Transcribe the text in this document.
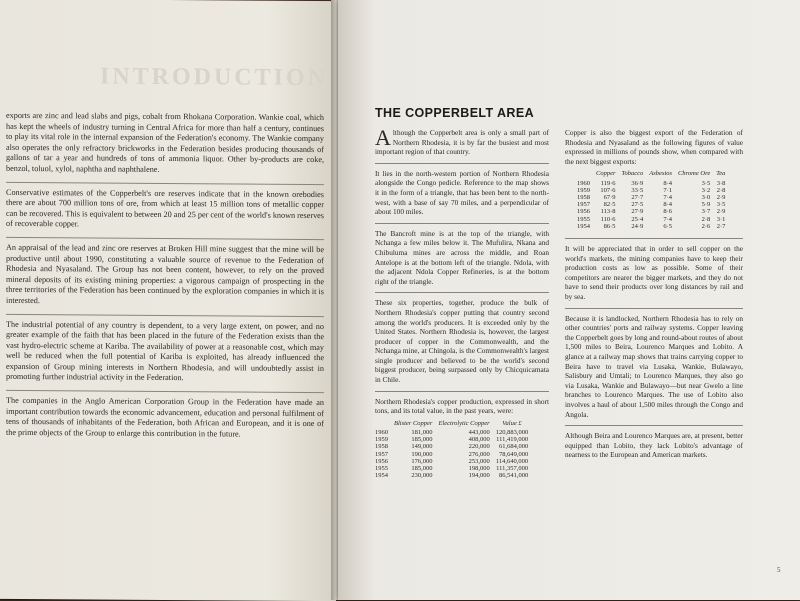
INTRODUCTION

exports are zinc and lead slabs and pigs, cobalt from Rhokana Corporation. Wankie coal, which has kept the wheels of industry turning in Central Africa for more than half a century, continues to play its vital role in the internal expansion of the Federation's economy. The Wankie company also operates the only refractory brickworks in the Federation besides producing thousands of gallons of tar a year and hundreds of tons of ammonia liquor. Other by-products are coke, benzol, toluol, xylol, naphtha and naphthalene.

Conservative estimates of the Copperbelt's ore reserves indicate that in the known orebodies there are about 700 million tons of ore, from which at least 15 million tons of metallic copper can be recovered. This is equivalent to between 20 and 25 per cent of the world's known reserves of recoverable copper.

An appraisal of the lead and zinc ore reserves at Broken Hill mine suggest that the mine will be productive until about 1990, constituting a valuable source of revenue to the Federation of Rhodesia and Nyasaland. The Group has not been content, however, to rely on the proved mineral deposits of its existing mining properties: a vigorous campaign of prospecting in the three territories of the Federation has been continued by the exploration companies in which it is interested.

The industrial potential of any country is dependent, to a very large extent, on power, and no greater example of the faith that has been placed in the future of the Federation exists than the vast hydro-electric scheme at Kariba. The availability of power at a reasonable cost, which may well be reduced when the full potential of Kariba is exploited, has already influenced the expansion of Group mining interests in Northern Rhodesia, and will undoubtedly assist in promoting further industrial activity in the Federation.

The companies in the Anglo American Corporation Group in the Federation have made an important contribution towards the economic advancement, education and personal fulfilment of tens of thousands of inhabitants of the Federation, both African and European, and it is one of the prime objects of the Group to enlarge this contribution in the future.

THE COPPERBELT AREA

Although the Copperbelt area is only a small part of Northern Rhodesia, it is by far the busiest and most important region of that country.

It lies in the north-western portion of Northern Rhodesia alongside the Congo pedicle. Reference to the map shows it in the form of a triangle, that has been bent to the north-west, with a base of say 70 miles, and a perpendicular of about 100 miles.

The Bancroft mine is at the top of the triangle, with Nchanga a few miles below it. The Mufulira, Nkana and Chibuluma mines are across the middle, and Roan Antelope is at the bottom left of the triangle. Ndola, with the adjacent Ndola Copper Refineries, is at the bottom right of the triangle.

These six properties, together, produce the bulk of Northern Rhodesia's copper putting that country second among the world's producers. It is exceeded only by the United States. Northern Rhodesia is, however, the largest producer of copper in the Commonwealth, and the Nchanga mine, at Chingola, is the Commonwealth's largest single producer and believed to be the world's second biggest producer, being surpassed only by Chicquicamata in Chile.

Northern Rhodesia's copper production, expressed in short tons, and its total value, in the past years, were:

	Blister Copper	Electrolytic Copper	Value £
1960	181,000	443,000	120,883,000
1959	185,000	408,000	111,419,000
1958	149,000	220,000	61,684,000
1957	190,000	276,000	78,649,000
1956	176,000	253,000	114,640,000
1955	185,000	198,000	111,357,000
1954	230,000	194,000	86,541,000

Copper is also the biggest export of the Federation of Rhodesia and Nyasaland as the following figures of value expressed in millions of pounds show, when compared with the next biggest exports:

	Copper	Tobacco	Asbestos	Chrome Ore	Tea
1960	119·6	36·9	8·4	3·5	3·8
1959	107·6	33·5	7·1	3·2	2·8
1958	67·9	27·7	7·4	3·0	2·9
1957	82·5	27·5	8·4	5·9	3·5
1956	113·8	27·9	8·6	3·7	2·9
1955	110·6	25·4	7·4	2·8	3·1
1954	86·5	24·9	6·5	2·6	2·7

It will be appreciated that in order to sell copper on the world's markets, the mining companies have to keep their production costs as low as possible. Some of their competitors are nearer the bigger markets, and they do not have to send their products over long distances by rail and by sea.

Because it is landlocked, Northern Rhodesia has to rely on other countries' ports and railway systems. Copper leaving the Copperbelt goes by long and round-about routes of about 1,500 miles to Beira, Lourenco Marques and Lobito. A glance at a railway map shows that trains carrying copper to Beira have to travel via Lusaka, Wankie, Bulawayo, Salisbury and Umtali; to Lourenco Marques, they also go via Lusaka, Wankie and Bulawayo—but near Gwelo a line branches to Lourenco Marques. The use of Lobito also involves a haul of about 1,500 miles through the Congo and Angola.

Although Beira and Lourenco Marques are, at present, better equipped than Lobito, they lack Lobito's advantage of nearness to the European and American markets.

5
